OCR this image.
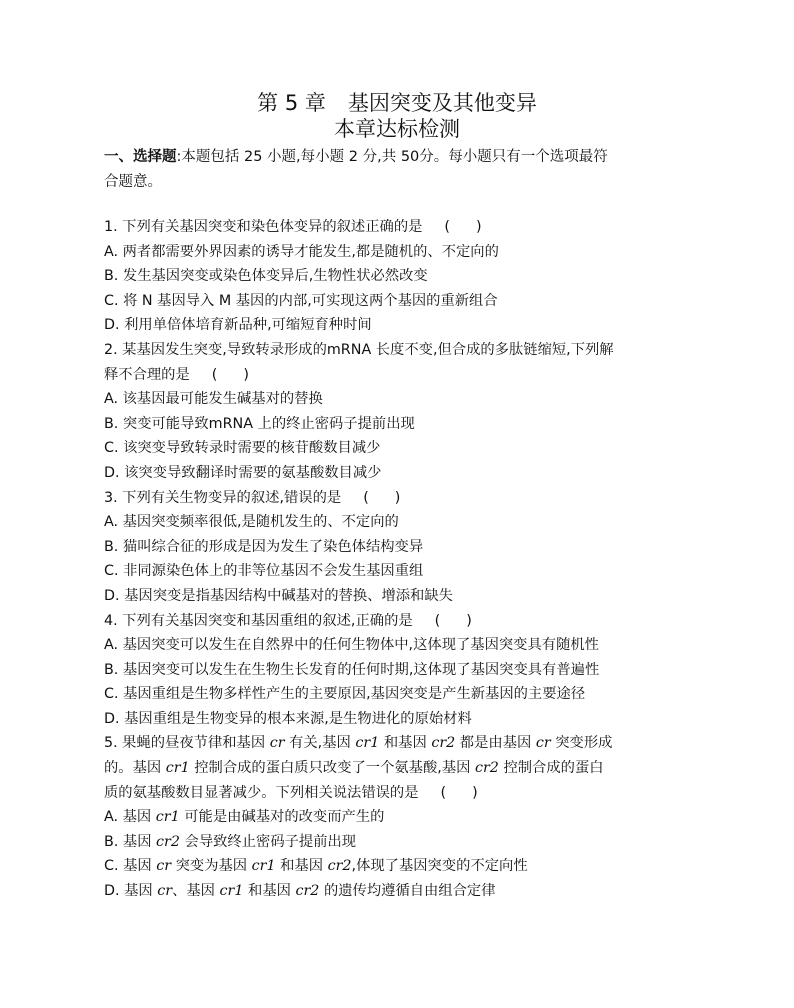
第 5 章 基因突变及其他变异
本章达标检测
一、选择题:本题包括 25 小题,每小题 2 分,共 50分。每小题只有一个选项最符
合题意。
1. 下列有关基因突变和染色体变异的叙述正确的是 ( )
A. 两者都需要外界因素的诱导才能发生,都是随机的、不定向的
B. 发生基因突变或染色体变异后,生物性状必然改变
C. 将 N 基因导入 M 基因的内部,可实现这两个基因的重新组合
D. 利用单倍体培育新品种,可缩短育种时间
2. 某基因发生突变,导致转录形成的mRNA 长度不变,但合成的多肽链缩短,下列解
释不合理的是 ( )
A. 该基因最可能发生碱基对的替换
B. 突变可能导致mRNA 上的终止密码子提前出现
C. 该突变导致转录时需要的核苷酸数目减少
D. 该突变导致翻译时需要的氨基酸数目减少
3. 下列有关生物变异的叙述,错误的是 ( )
A. 基因突变频率很低,是随机发生的、不定向的
B. 猫叫综合征的形成是因为发生了染色体结构变异
C. 非同源染色体上的非等位基因不会发生基因重组
D. 基因突变是指基因结构中碱基对的替换、增添和缺失
4. 下列有关基因突变和基因重组的叙述,正确的是 ( )
A. 基因突变可以发生在自然界中的任何生物体中,这体现了基因突变具有随机性
B. 基因突变可以发生在生物生长发育的任何时期,这体现了基因突变具有普遍性
C. 基因重组是生物多样性产生的主要原因,基因突变是产生新基因的主要途径
D. 基因重组是生物变异的根本来源,是生物进化的原始材料
5. 果蝇的昼夜节律和基因 cr 有关,基因 cr1 和基因 cr2 都是由基因 cr 突变形成
的。基因 cr1 控制合成的蛋白质只改变了一个氨基酸,基因 cr2 控制合成的蛋白
质的氨基酸数目显著减少。下列相关说法错误的是 ( )
A. 基因 cr1 可能是由碱基对的改变而产生的
B. 基因 cr2 会导致终止密码子提前出现
C. 基因 cr 突变为基因 cr1 和基因 cr2,体现了基因突变的不定向性
D. 基因 cr、基因 cr1 和基因 cr2 的遗传均遵循自由组合定律
